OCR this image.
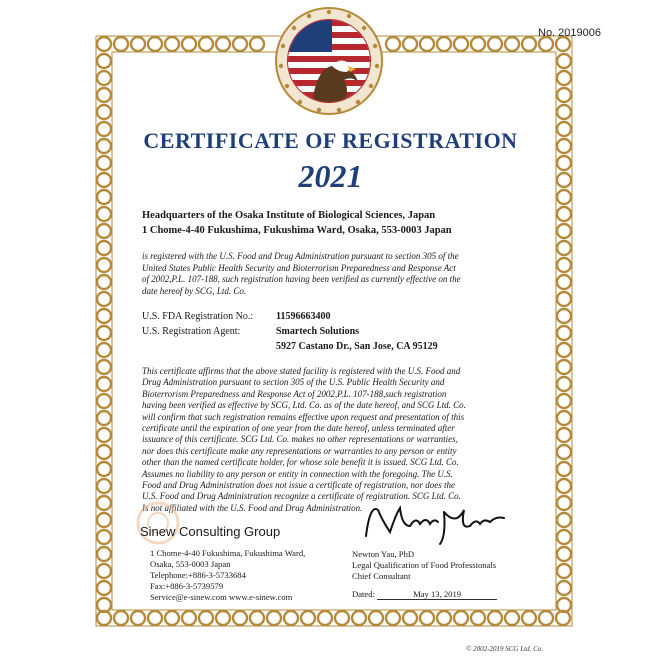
No. 2019006
CERTIFICATE OF REGISTRATION
2021
Headquarters of the Osaka Institute of Biological Sciences, Japan
1 Chome-4-40 Fukushima, Fukushima Ward, Osaka, 553-0003 Japan
is registered with the U.S. Food and Drug Administration pursuant to section 305 of the
United States Public Health Security and Bioterrorism Preparedness and Response Act
of 2002,P.L. 107-188, such registration having been verified as currently effective on the
date hereof by SCG, Ltd. Co.
U.S. FDA Registration No.: 11596663400
U.S. Registration Agent:	Smartech Solutions
5927 Castano Dr., San Jose, CA 95129
This certificate affirms that the above stated facility is registered with the U.S. Food and
Drug Administration pursuant to section 305 of the U.S. Public Health Security and
Bioterrorism Preparedness and Response Act of 2002,P.L. 107-188,such registration
having been verified as effective by SCG, Ltd. Co. as of the date hereof, and SCG Ltd. Co.
will confirm that such registration remains effective upon request and presentation of this
certificate until the expiration of one year from the date hereof, unless terminated after
issuance of this certificate. SCG Ltd. Co. makes no other representations or warranties,
nor does this certificate make any representations or warranties to any person or entity
other than the named certificate holder, for whose sole benefit it is issued. SCG Ltd. Co.
Assumes no liability to any person or entity in connection with the foregoing. The U.S.
Food and Drug Administration does not issue a certificate of registration, nor does the
U.S. Food and Drug Administration recognize a certificate of registration. SCG Ltd. Co.
Is not affiliated with the U.S. Food and Drug Administration.
Sinew Consulting Group
1 Chome-4-40 Fukushima, Fukushima Ward,
Osaka, 553-0003 Japan
Telephone:+886-3-5733684
Fax:+886-3-5739579
Service@e-sinew.com www.e-sinew.com
Newton Yau, PhD
Legal Qualification of Food Professionals
Chief Consultant
Dated:	May 13, 2019
© 2002-2019 SCG Ltd. Co.
